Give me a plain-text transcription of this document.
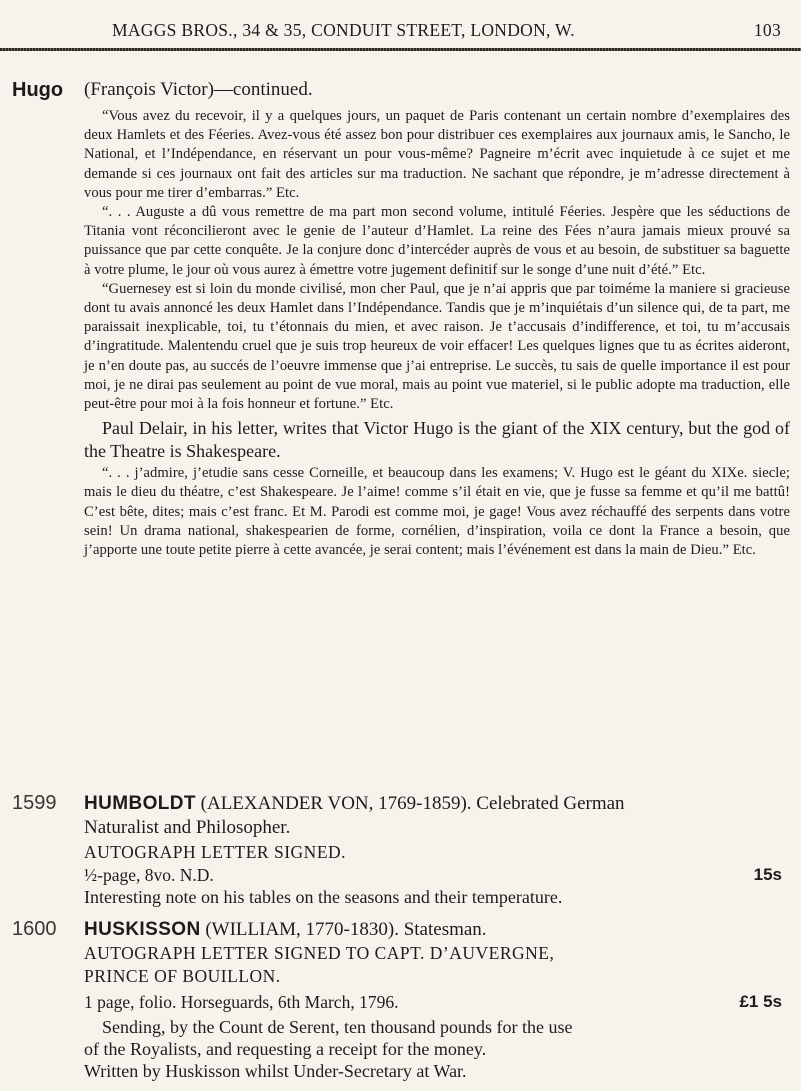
MAGGS BROS., 34 & 35, CONDUIT STREET, LONDON, W.	103
Hugo	(François Victor)—continued.

“Vous avez du recevoir, il y a quelques jours, un paquet de Paris contenant un certain nombre d’exemplaires des deux Hamlets et des Féeries. Avez-vous été assez bon pour distribuer ces exemplaires aux journaux amis, le Sancho, le National, et l’Indépendance, en réservant un pour vous-même? Pagneire m’écrit avec inquietude à ce sujet et me demande si ces journaux ont fait des articles sur ma traduction. Ne sachant que répondre, je m’adresse directement à vous pour me tirer d’embarras.” Etc.

“. . . Auguste a dû vous remettre de ma part mon second volume, intitulé Féeries. Jespère que les séductions de Titania vont réconcilieront avec le genie de l’auteur d’Hamlet. La reine des Fées n’aura jamais mieux prouvé sa puissance que par cette conquête. Je la conjure donc d’intercéder auprès de vous et au besoin, de substituer sa baguette à votre plume, le jour où vous aurez à émettre votre jugement definitif sur le songe d’une nuit d’été.” Etc.

“Guernesey est si loin du monde civilisé, mon cher Paul, que je n’ai appris que par toiméme la maniere si gracieuse dont tu avais annoncé les deux Hamlet dans l’Indépendance. Tandis que je m’inquiétais d’un silence qui, de ta part, me paraissait inexplicable, toi, tu t’étonnais du mien, et avec raison. Je t’accusais d’indifference, et toi, tu m’accusais d’ingratitude. Malentendu cruel que je suis trop heureux de voir effacer! Les quelques lignes que tu as écrites aideront, je n’en doute pas, au succés de l’oeuvre immense que j’ai entreprise. Le succès, tu sais de quelle importance il est pour moi, je ne dirai pas seulement au point de vue moral, mais au point vue materiel, si le public adopte ma traduction, elle peut-être pour moi à la fois honneur et fortune.” Etc.

Paul Delair, in his letter, writes that Victor Hugo is the giant of the XIX century, but the god of the Theatre is Shakespeare.

“. . . j’admire, j’etudie sans cesse Corneille, et beaucoup dans les examens; V. Hugo est le géant du XIXe. siecle; mais le dieu du théatre, c’est Shakespeare. Je l’aime! comme s’il était en vie, que je fusse sa femme et qu’il me battû! C’est bête, dites; mais c’est franc. Et M. Parodi est comme moi, je gage! Vous avez réchauffé des serpents dans votre sein! Un drama national, shakespearien de forme, cornélien, d’inspiration, voila ce dont la France a besoin, que j’apporte une toute petite pierre à cette avancée, je serai content; mais l’événement est dans la main de Dieu.” Etc.

1599	HUMBOLDT (ALEXANDER VON, 1769-1859). Celebrated German

Naturalist and Philosopher.

AUTOGRAPH LETTER SIGNED.

½-page, 8vo. N.D.	15s

Interesting note on his tables on the seasons and their temperature.

1600	HUSKISSON (WILLIAM, 1770-1830). Statesman.

AUTOGRAPH LETTER SIGNED TO CAPT. D’AUVERGNE,

PRINCE OF BOUILLON.

1 page, folio. Horseguards, 6th March, 1796.	£1 5s

Sending, by the Count de Serent, ten thousand pounds for the use

of the Royalists, and requesting a receipt for the money.

Written by Huskisson whilst Under-Secretary at War.
